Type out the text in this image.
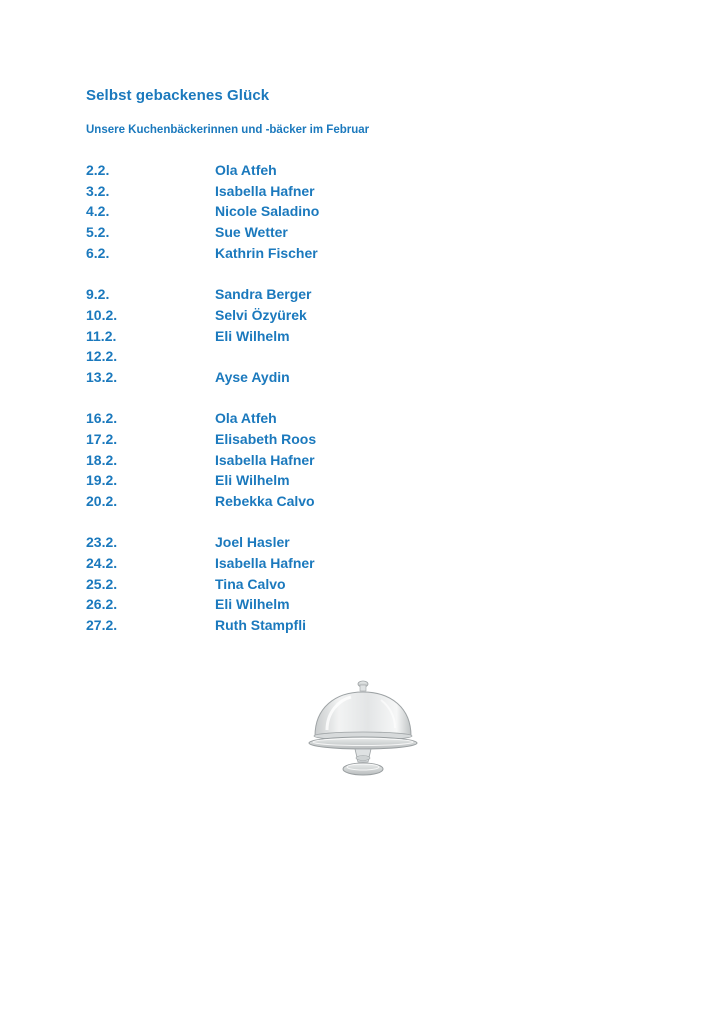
Selbst gebackenes Glück
Unsere Kuchenbäckerinnen und -bäcker im Februar
2.2.	Ola Atfeh
3.2.	Isabella Hafner
4.2.	Nicole Saladino
5.2.	Sue Wetter
6.2.	Kathrin Fischer
9.2.	Sandra Berger
10.2.	Selvi Özyürek
11.2.	Eli Wilhelm
12.2.
13.2.	Ayse Aydin
16.2.	Ola Atfeh
17.2.	Elisabeth Roos
18.2.	Isabella Hafner
19.2.	Eli Wilhelm
20.2.	Rebekka Calvo
23.2.	Joel Hasler
24.2.	Isabella Hafner
25.2.	Tina Calvo
26.2.	Eli Wilhelm
27.2.	Ruth Stampfli
